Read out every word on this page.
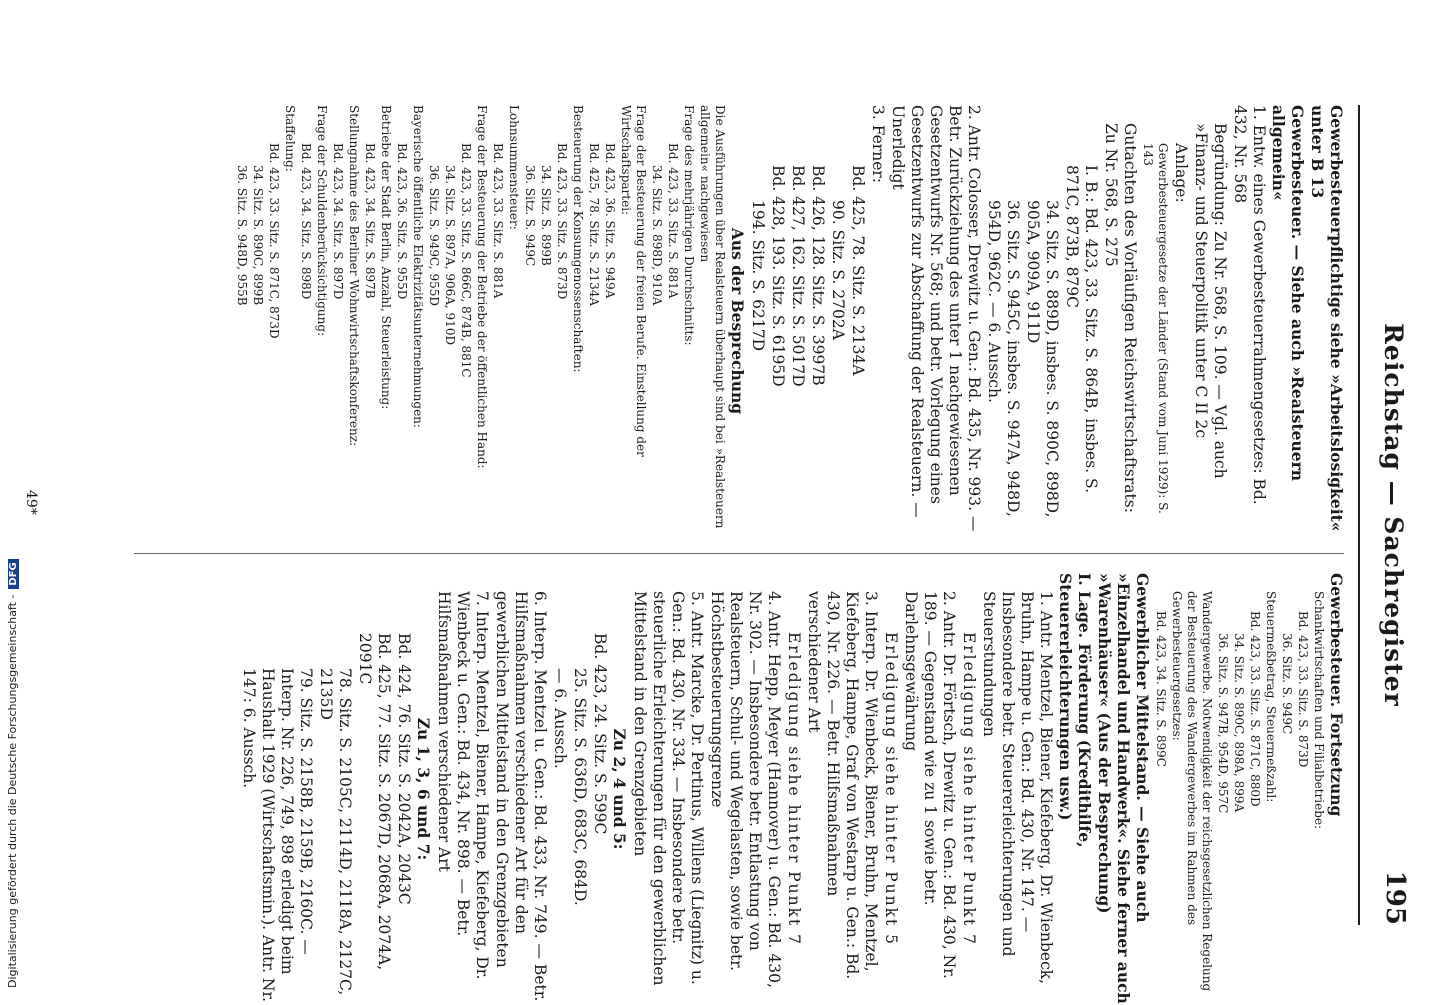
Reichstag — Sachregister
195
Gewerbesteuerpflichtige siehe »Arbeitslosigkeit« unter B 13
Gewerbesteuer. — Siehe auch »Realsteuern allgemein«
1. Entw. eines Gewerbesteuerrahmengesetzes: Bd. 432, Nr. 568
Begründung: Zu Nr. 568, S. 109. — Vgl. auch »Finanz- und Steuerpolitik unter C II 2c
Anlage:
Gewerbesteuergesetze der Länder (Stand vom Juni 1929): S. 143
Gutachten des Vorläufigen Reichswirtschaftsrats: Zu Nr. 568, S. 275
I. B.: Bd. 423, 33. Sitz. S. 864B, insbes. S. 871C, 873B, 879C
34. Sitz. S. 889D, insbes. S. 890C, 898D, 905A, 909A, 911D
36. Sitz. S. 945C, insbes. S. 947A, 948D, 954D, 962C. — 6. Aussch.
2. Antr. Colosser, Drewitz u. Gen.: Bd. 435, Nr. 993. — Betr. Zurückziehung des unter 1 nachgewiesenen Gesetzentwurfs Nr. 568; und betr. Vorlegung eines Gesetzentwurfs zur Abschaffung der Realsteuern. — Unerledigt
3. Ferner:
Bd. 425, 78. Sitz. S. 2134A
90. Sitz. S. 2702A
Bd. 426, 128. Sitz. S. 3997B
Bd. 427, 162. Sitz. S. 5017D
Bd. 428, 193. Sitz. S. 6195D
194. Sitz. S. 6217D
Aus der Besprechung
Die Ausführungen über Realsteuern überhaupt sind bei »Realsteuern allgemein« nachgewiesen
Frage des mehrjährigen Durchschnitts:
Bd. 423, 33. Sitz. S. 881A
34. Sitz. S. 898D, 910A
Frage der Besteuerung der freien Berufe. Einstellung der Wirtschaftspartei:
Bd. 423, 36. Sitz. S. 949A
Bd. 425, 78. Sitz. S. 2134A
Besteuerung der Konsumgenossenschaften:
Bd. 423, 33. Sitz. S. 873D
34. Sitz. S. 899B
36. Sitz. S. 949C
Lohnsummensteuer:
Bd. 423, 33. Sitz. S. 881A
Frage der Besteuerung der Betriebe der öffentlichen Hand:
Bd. 423, 33. Sitz. S. 866C, 874B, 881C
34. Sitz. S. 897A, 906A, 910D
36. Sitz. S. 949C, 955D
Bayerische öffentliche Elektrizitätsunternehmungen:
Bd. 423, 36. Sitz. S. 955D
Betriebe der Stadt Berlin, Anzahl, Steuerleistung:
Bd. 423, 34. Sitz. S. 897B
Stellungnahme des Berliner Wohnwirtschaftskonferenz:
Bd. 423, 34. Sitz. S. 897D
Frage der Schuldenberücksichtigung:
Bd. 423, 34. Sitz. S. 898D
Staffelung:
Bd. 423, 33. Sitz. S. 871C, 873D
34. Sitz. S. 890C, 899B
36. Sitz. S. 948D, 955B
Gewerbesteuer. Fortsetzung
Schankwirtschaften und Filialbetriebe:
Bd. 423, 33. Sitz. S. 873D
36. Sitz. S. 949C
Steuermeßbetrag, Steuermeßzahl:
Bd. 423, 33. Sitz. S. 871C, 880D
34. Sitz. S. 890C, 898A, 899A
36. Sitz. S. 947B, 954D, 957C
Wandergewerbe. Notwendigkeit der reichsgesetzlichen Regelung der Besteuerung des Wandergewerbes im Rahmen des Gewerbesteuergesetzes:
Bd. 423, 34. Sitz. S. 899C
Gewerblicher Mittelstand. — Siehe auch »Einzelhandel und Handwerk«. Siehe ferner auch »Warenhäuser« (Aus der Besprechung)
I. Lage. Förderung (Kredithilfe, Steuererleichterungen usw.)
1. Antr. Mentzel, Biener, Kiefeberg, Dr. Wienbeck, Bruhn, Hampe u. Gen.: Bd. 430, Nr. 147. — Insbesondere betr. Steuererleichterungen und Steuerstundungen
Erledigung siehe hinter Punkt 7
2. Antr. Dr. Förtsch, Drewitz u. Gen.: Bd. 430, Nr. 189. — Gegenstand wie zu 1 sowie betr. Darlehnsgewährung
Erledigung siehe hinter Punkt 5
3. Interp. Dr. Wienbeck, Biener, Bruhn, Mentzel, Kiefeberg, Hampe, Graf von Westarp u. Gen.: Bd. 430, Nr. 226. — Betr. Hilfsmaßnahmen verschiedener Art
Erledigung siehe hinter Punkt 7
4. Antr. Hepp, Meyer (Hannover) u. Gen.: Bd. 430, Nr. 302. — Insbesondere betr. Entlastung von Realsteuern, Schul- und Wegelasten, sowie betr. Höchstbesteuerungsgrenze
5. Antr. Marcke, Dr. Pertinus, Willens (Liegnitz) u. Gen.: Bd. 430, Nr. 334. — Insbesondere betr. steuerliche Erleichterungen für den gewerblichen Mittelstand in den Grenzgebieten
Zu 2, 4 und 5:
Bd. 423, 24. Sitz. S. 599C
25. Sitz. S. 636D, 683C, 684D.
— 6. Aussch.
6. Interp. Mentzel u. Gen.: Bd. 433, Nr. 749. — Betr. Hilfsmaßnahmen verschiedener Art für den gewerblichen Mittelstand in den Grenzgebieten
7. Interp. Mentzel, Biener, Hampe, Kiefeberg, Dr. Wienbeck u. Gen.: Bd. 434, Nr. 898. — Betr. Hilfsmaßnahmen verschiedener Art
Zu 1, 3, 6 und 7:
Bd. 424, 76. Sitz. S. 2042A, 2043C
Bd. 425, 77. Sitz. S. 2067D, 2068A, 2074A, 2091C
78. Sitz. S. 2105C, 2114D, 2118A, 2127C, 2135D
79. Sitz. S. 2158B, 2159B, 2160C. — Interp. Nr. 226, 749, 898 erledigt beim Haushalt 1929 (Wirtschaftsmin.). Antr. Nr. 147: 6. Aussch.
49*
Digitalisierung gefördert durch die Deutsche Forschungsgemeinschaft -DFG
